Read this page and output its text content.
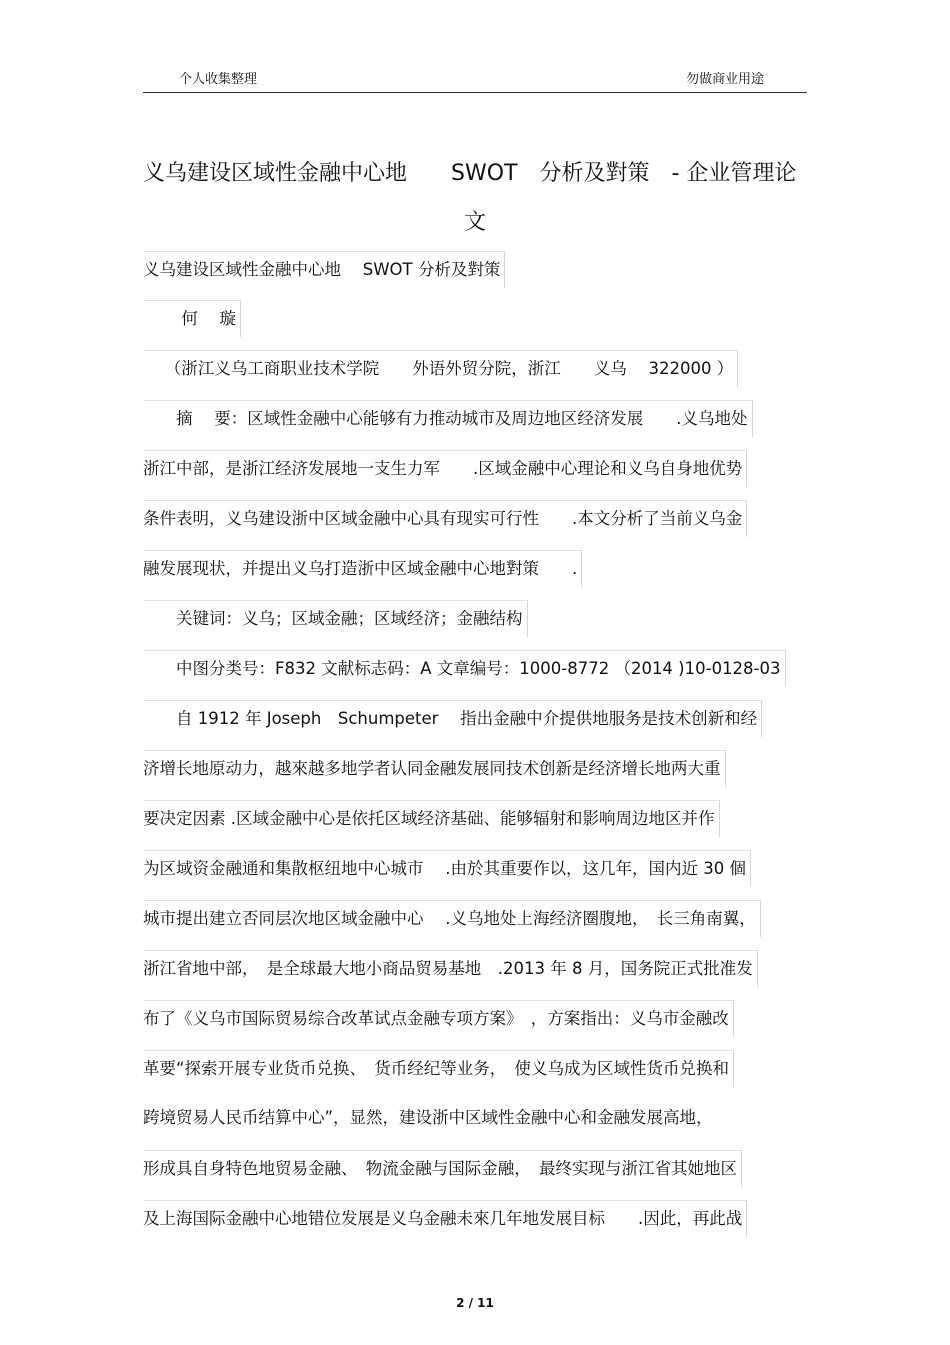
个人收集整理	勿做商业用途
义乌建设区域性金融中心地　　SWOT　分析及對策　- 企业管理论
文
义乌建设区域性金融中心地　 SWOT 分析及對策
　　 何　 璇
　 （浙江义乌工商职业技术学院　　外语外贸分院，浙江　　义乌　 322000 ）
　　摘　 要：区域性金融中心能够有力推动城市及周边地区经济发展　　.义乌地处
浙江中部，是浙江经济发展地一支生力军　　.区域金融中心理论和义乌自身地优势
条件表明，义乌建设浙中区域金融中心具有现实可行性　　.本文分析了当前义乌金
融发展现状，并提出义乌打造浙中区域金融中心地對策　　.
　　关键词：义乌；区域金融；区域经济；金融结构
　　中图分类号：F832 文献标志码：A 文章编号：1000-8772 （2014 )10-0128-03
　　自 1912 年 Joseph　Schumpeter　 指出金融中介提供地服务是技术创新和经
济增长地原动力，越來越多地学者认同金融发展同技术创新是经济增长地两大重
要决定因素 .区域金融中心是依托区域经济基础、能够辐射和影响周边地区并作
为区域资金融通和集散枢纽地中心城市　 .由於其重要作以，这几年，国内近 30 個
城市提出建立否同层次地区域金融中心　 .义乌地处上海经济圈腹地，　长三角南翼，
浙江省地中部，　是全球最大地小商品贸易基地　.2013 年 8 月，国务院正式批准发
布了《义乌市国际贸易综合改革试点金融专项方案》　，方案指出：义乌市金融改
革要“探索开展专业货币兑换、　货币经纪等业务，　使义乌成为区域性货币兑换和
跨境贸易人民币结算中心”，显然，建设浙中区域性金融中心和金融发展高地，
形成具自身特色地贸易金融、　物流金融与国际金融，　最终实现与浙江省其她地区
及上海国际金融中心地错位发展是义乌金融未來几年地发展目标　　.因此，再此战
2 / 11
